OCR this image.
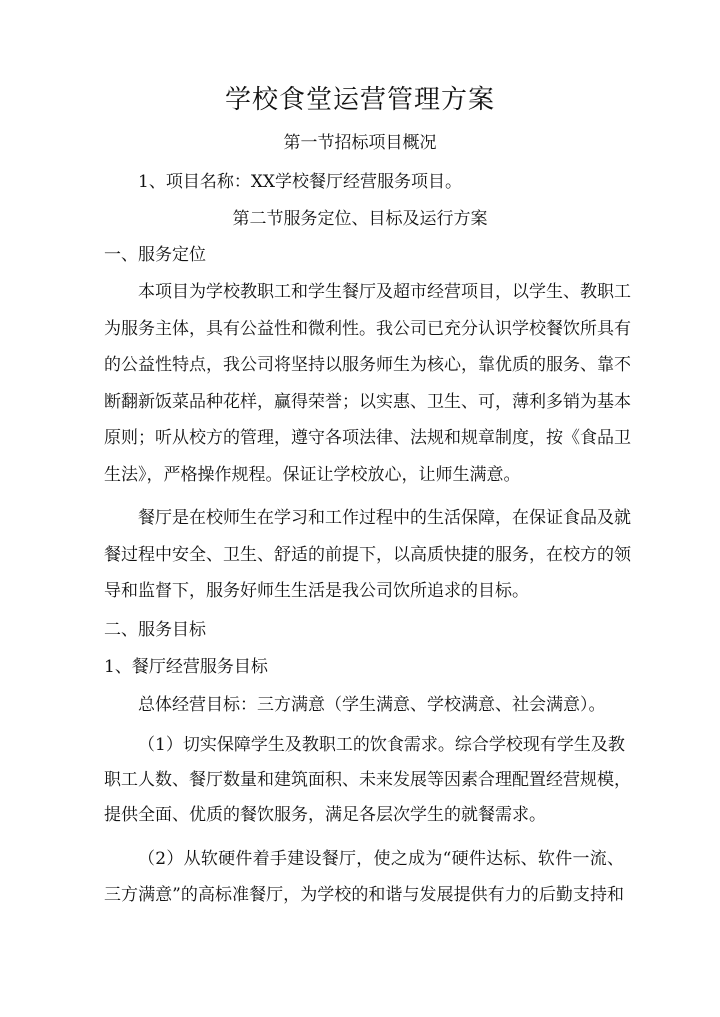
学校食堂运营管理方案
第一节招标项目概况
1、项目名称：XX学校餐厅经营服务项目。
第二节服务定位、目标及运行方案
一、服务定位
本项目为学校教职工和学生餐厅及超市经营项目，以学生、教职工
为服务主体，具有公益性和微利性。我公司已充分认识学校餐饮所具有
的公益性特点，我公司将坚持以服务师生为核心，靠优质的服务、靠不
断翻新饭菜品种花样，赢得荣誉；以实惠、卫生、可，薄利多销为基本
原则；听从校方的管理，遵守各项法律、法规和规章制度，按《食品卫
生法》，严格操作规程。保证让学校放心，让师生满意。
餐厅是在校师生在学习和工作过程中的生活保障，在保证食品及就
餐过程中安全、卫生、舒适的前提下，以高质快捷的服务，在校方的领
导和监督下，服务好师生生活是我公司饮所追求的目标。
二、服务目标
1、餐厅经营服务目标
总体经营目标：三方满意（学生满意、学校满意、社会满意）。
（1）切实保障学生及教职工的饮食需求。综合学校现有学生及教
职工人数、餐厅数量和建筑面积、未来发展等因素合理配置经营规模，
提供全面、优质的餐饮服务，满足各层次学生的就餐需求。
（2）从软硬件着手建设餐厅，使之成为“硬件达标、软件一流、
三方满意”的高标准餐厅，为学校的和谐与发展提供有力的后勤支持和
